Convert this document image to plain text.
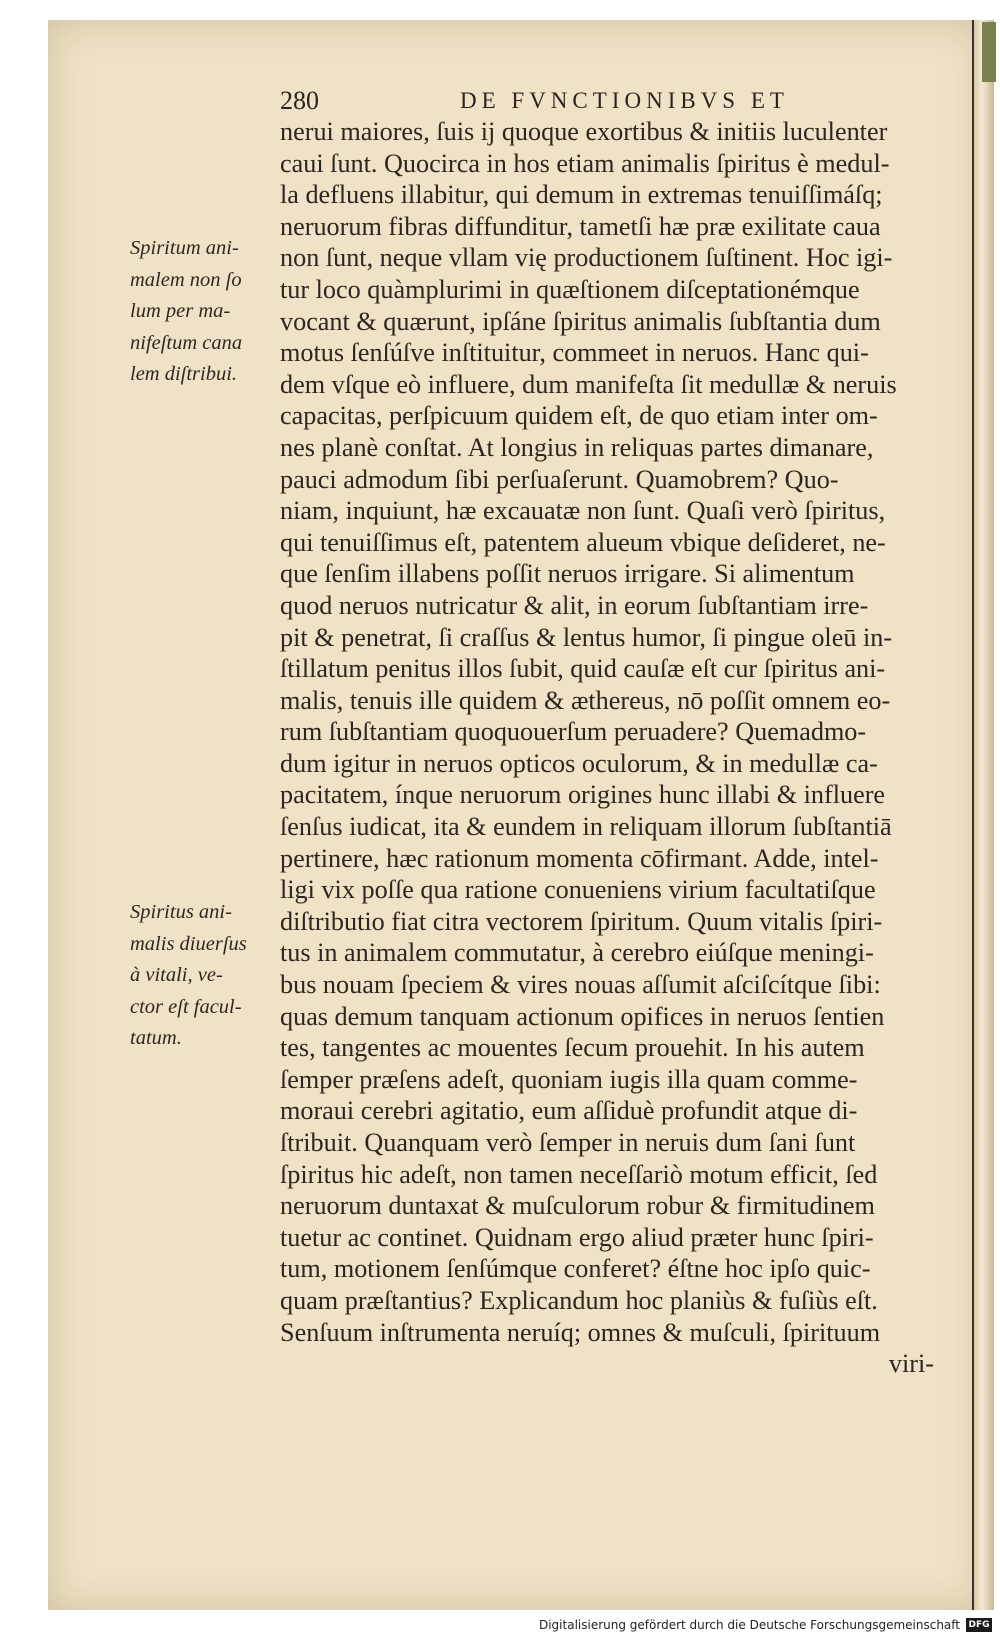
280	DE FVNCTIONIBVS ET
Spiritum ani-
malem non ſo
lum per ma-
nifeſtum cana
lem diſtribui.
Spiritus ani-
malis diuerſus
à vitali, ve-
ctor eſt facul-
tatum.
nerui maiores, ſuis ij quoque exortibus & initiis luculenter
caui ſunt. Quocirca in hos etiam animalis ſpiritus è medul-
la defluens illabitur, qui demum in extremas tenuiſſimáſq;
neruorum fibras diffunditur, tametſi hæ præ exilitate caua
non ſunt, neque vllam vię productionem ſuſtinent. Hoc igi-
tur loco quàmplurimi in quæſtionem diſceptationémque
vocant & quærunt, ipſáne ſpiritus animalis ſubſtantia dum
motus ſenſúſve inſtituitur, commeet in neruos. Hanc qui-
dem vſque eò influere, dum manifeſta ſit medullæ & neruis
capacitas, perſpicuum quidem eſt, de quo etiam inter om-
nes planè conſtat. At longius in reliquas partes dimanare,
pauci admodum ſibi perſuaſerunt. Quamobrem? Quo-
niam, inquiunt, hæ excauatæ non ſunt. Quaſi verò ſpiritus,
qui tenuiſſimus eſt, patentem alueum vbique deſideret, ne-
que ſenſim illabens poſſit neruos irrigare. Si alimentum
quod neruos nutricatur & alit, in eorum ſubſtantiam irre-
pit & penetrat, ſi craſſus & lentus humor, ſi pingue oleū in-
ſtillatum penitus illos ſubit, quid cauſæ eſt cur ſpiritus ani-
malis, tenuis ille quidem & æthereus, nō poſſit omnem eo-
rum ſubſtantiam quoquouerſum peruadere? Quemadmo-
dum igitur in neruos opticos oculorum, & in medullæ ca-
pacitatem, ínque neruorum origines hunc illabi & influere
ſenſus iudicat, ita & eundem in reliquam illorum ſubſtantiā
pertinere, hæc rationum momenta cōfirmant. Adde, intel-
ligi vix poſſe qua ratione conueniens virium facultatiſque
diſtributio fiat citra vectorem ſpiritum. Quum vitalis ſpiri-
tus in animalem commutatur, à cerebro eiúſque meningi-
bus nouam ſpeciem & vires nouas aſſumit aſciſcítque ſibi:
quas demum tanquam actionum opifices in neruos ſentien
tes, tangentes ac mouentes ſecum prouehit. In his autem
ſemper præſens adeſt, quoniam iugis illa quam comme-
moraui cerebri agitatio, eum aſſiduè profundit atque di-
ſtribuit. Quanquam verò ſemper in neruis dum ſani ſunt
ſpiritus hic adeſt, non tamen neceſſariò motum efficit, ſed
neruorum duntaxat & muſculorum robur & firmitudinem
tuetur ac continet. Quidnam ergo aliud præter hunc ſpiri-
tum, motionem ſenſúmque conferet? éſtne hoc ipſo quic-
quam præſtantius? Explicandum hoc planiùs & fuſiùs eſt.
Senſuum inſtrumenta neruíq; omnes & muſculi, ſpirituum
viri-
Digitalisierung gefördert durch die Deutsche Forschungsgemeinschaft DFG
